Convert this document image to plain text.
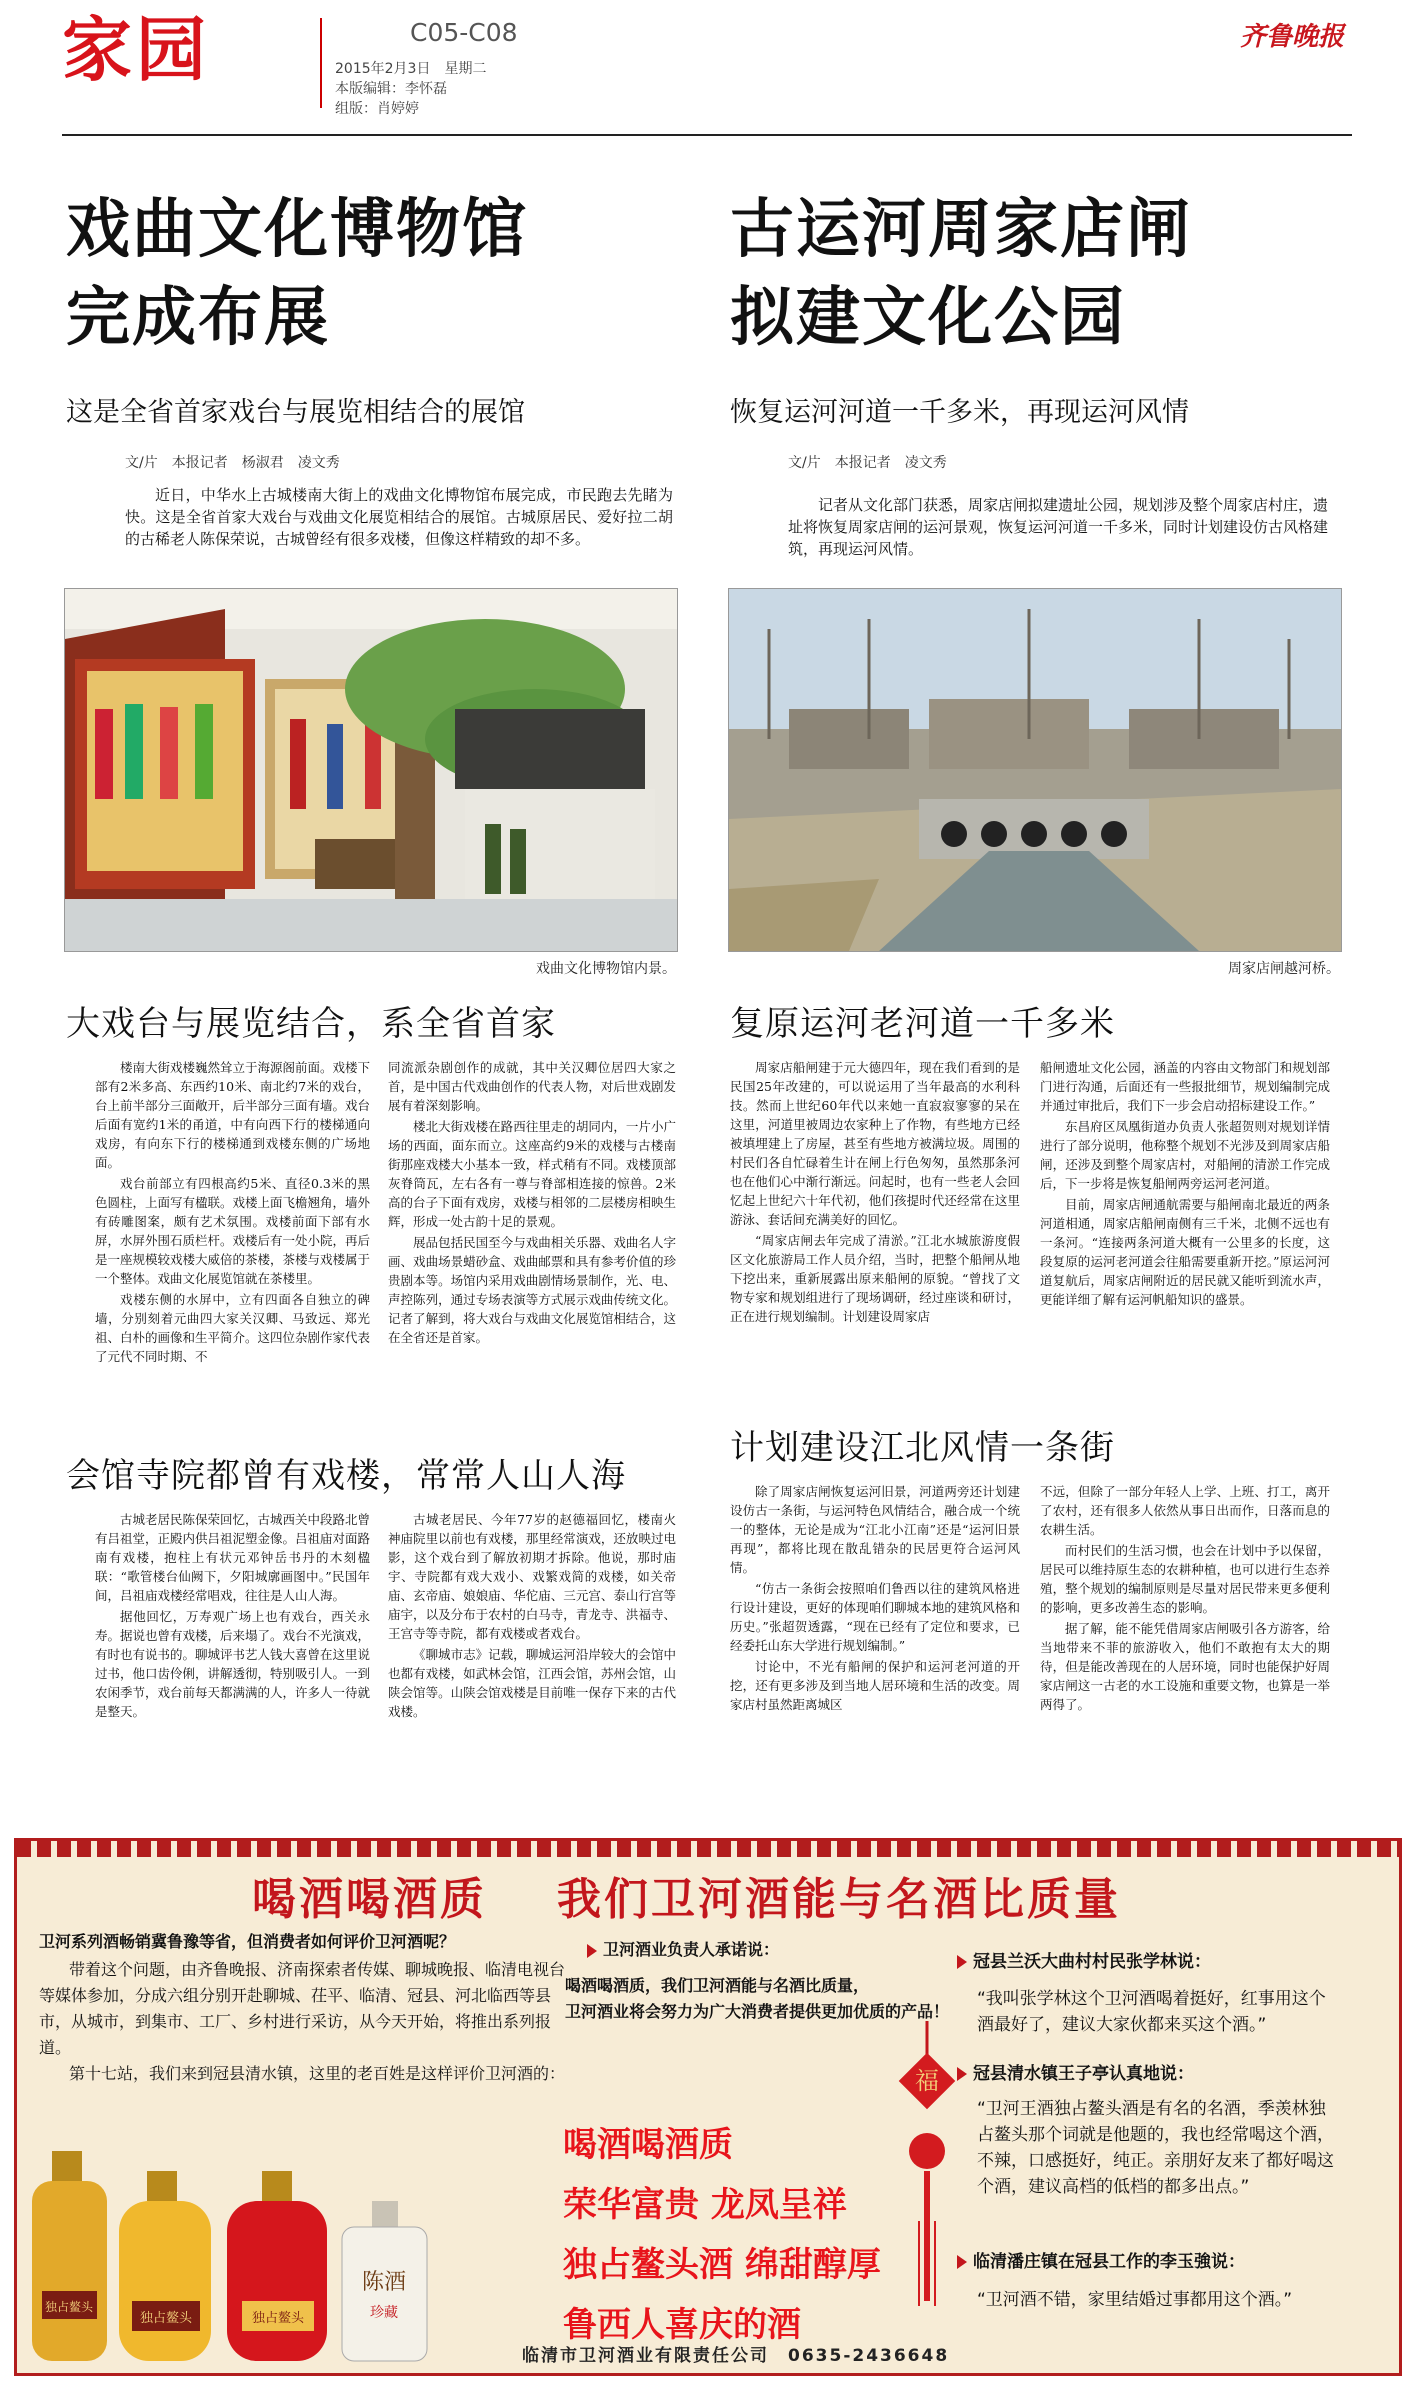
家园	C05-C08
2015年2月3日　星期二
本版编辑：李怀磊
组版：肖婷婷
齐鲁晚报
戏曲文化博物馆
完成布展
这是全省首家戏台与展览相结合的展馆
文/片　本报记者　杨淑君　凌文秀
近日，中华水上古城楼南大街上的戏曲文化博物馆布展完成，市民跑去先睹为快。这是全省首家大戏台与戏曲文化展览相结合的展馆。古城原居民、爱好拉二胡的古稀老人陈保荣说，古城曾经有很多戏楼，但像这样精致的却不多。
戏曲文化博物馆内景。
大戏台与展览结合，系全省首家

楼南大街戏楼巍然耸立于海源阁前面。戏楼下部有2米多高、东西约10米、南北约7米的戏台，台上前半部分三面敞开，后半部分三面有墙。戏台后面有宽约1米的甬道，中有向西下行的楼梯通向戏房，有向东下行的楼梯通到戏楼东侧的广场地面。

戏台前部立有四根高约5米、直径0.3米的黑色圆柱，上面写有楹联。戏楼上面飞檐翘角，墙外有砖雕图案，颇有艺术氛围。戏楼前面下部有水屏，水屏外围石质栏杆。戏楼后有一处小院，再后是一座规模较戏楼大威倍的茶楼，茶楼与戏楼属于一个整体。戏曲文化展览馆就在茶楼里。

戏楼东侧的水屏中，立有四面各自独立的碑墙，分别刻着元曲四大家关汉卿、马致远、郑光祖、白朴的画像和生平简介。这四位杂剧作家代表了元代不同时期、不

同流派杂剧创作的成就，其中关汉卿位居四大家之首，是中国古代戏曲创作的代表人物，对后世戏剧发展有着深刻影响。

楼北大街戏楼在路西往里走的胡同内，一片小广场的西面，面东而立。这座高约9米的戏楼与古楼南街那座戏楼大小基本一致，样式稍有不同。戏楼顶部灰脊筒瓦，左右各有一尊与脊部相连接的惊兽。2米高的台子下面有戏房，戏楼与相邻的二层楼房相映生辉，形成一处古韵十足的景观。

展品包括民国至今与戏曲相关乐器、戏曲名人字画、戏曲场景蜡砂盒、戏曲邮票和具有参考价值的珍贵剧本等。场馆内采用戏曲剧情场景制作，光、电、声控陈列，通过专场表演等方式展示戏曲传统文化。记者了解到，将大戏台与戏曲文化展览馆相结合，这在全省还是首家。

会馆寺院都曾有戏楼，常常人山人海

古城老居民陈保荣回忆，古城西关中段路北曾有吕祖堂，正殿内供吕祖泥塑金像。吕祖庙对面路南有戏楼，抱柱上有状元邓钟岳书丹的木刻楹联：“歌管楼台仙阙下，夕阳城廓画图中。”民国年间，吕祖庙戏楼经常唱戏，往往是人山人海。

据他回忆，万寿观广场上也有戏台，西关永寿。据说也曾有戏楼，后来塌了。戏台不光演戏，有时也有说书的。聊城评书艺人钱大喜曾在这里说过书，他口齿伶俐，讲解透彻，特别吸引人。一到农闲季节，戏台前每天都满满的人，许多人一待就是整天。

古城老居民、今年77岁的赵德福回忆，楼南火神庙院里以前也有戏楼，那里经常演戏，还放映过电影，这个戏台到了解放初期才拆除。他说，那时庙宇、寺院都有戏大戏小、戏繁戏简的戏楼，如关帝庙、玄帝庙、娘娘庙、华佗庙、三元宫、泰山行宫等庙宇，以及分布于农村的白马寺，青龙寺、洪福寺、王宫寺等寺院，都有戏楼或者戏台。

《聊城市志》记载，聊城运河沿岸较大的会馆中也都有戏楼，如武林会馆，江西会馆，苏州会馆，山陕会馆等。山陕会馆戏楼是目前唯一保存下来的古代戏楼。

古运河周家店闸
拟建文化公园
恢复运河河道一千多米，再现运河风情
文/片　本报记者　凌文秀
记者从文化部门获悉，周家店闸拟建遗址公园，规划涉及整个周家店村庄，遗址将恢复周家店闸的运河景观，恢复运河河道一千多米，同时计划建设仿古风格建筑，再现运河风情。
周家店闸越河桥。
复原运河老河道一千多米

周家店船闸建于元大德四年，现在我们看到的是民国25年改建的，可以说运用了当年最高的水利科技。然而上世纪60年代以来她一直寂寂寥寥的呆在这里，河道里被周边农家种上了作物，有些地方已经被填埋建上了房屋，甚至有些地方被满垃圾。周围的村民们各自忙碌着生计在闸上行色匆匆，虽然那条河也在他们心中渐行渐远。问起时，也有一些老人会回忆起上世纪六十年代初，他们孩提时代还经常在这里游泳、套话间充满美好的回忆。

“周家店闸去年完成了清淤。”江北水城旅游度假区文化旅游局工作人员介绍，当时，把整个船闸从地下挖出来，重新展露出原来船闸的原貌。“曾找了文物专家和规划组进行了现场调研，经过座谈和研讨，正在进行规划编制。计划建设周家店

船闸遗址文化公园，涵盖的内容由文物部门和规划部门进行沟通，后面还有一些报批细节，规划编制完成并通过审批后，我们下一步会启动招标建设工作。”

东昌府区凤凰街道办负责人张超贺则对规划详情进行了部分说明，他称整个规划不光涉及到周家店船闸，还涉及到整个周家店村，对船闸的清淤工作完成后，下一步将是恢复船闸两旁运河老河道。

目前，周家店闸通航需要与船闸南北最近的两条河道相通，周家店船闸南侧有三千米，北侧不远也有一条河。“连接两条河道大概有一公里多的长度，这段复原的运河老河道会往船需要重新开挖。”原运河河道复航后，周家店闸附近的居民就又能听到流水声，更能详细了解有运河帆船知识的盛景。

计划建设江北风情一条街

除了周家店闸恢复运河旧景，河道两旁还计划建设仿古一条街，与运河特色风情结合，融合成一个统一的整体，无论是成为“江北小江南”还是“运河旧景再现”，都将比现在散乱错杂的民居更符合运河风情。

“仿古一条街会按照咱们鲁西以往的建筑风格进行设计建设，更好的体现咱们聊城本地的建筑风格和历史。”张超贺透露，“现在已经有了定位和要求，已经委托山东大学进行规划编制。”

讨论中，不光有船闸的保护和运河老河道的开挖，还有更多涉及到当地人居环境和生活的改变。周家店村虽然距离城区

不远，但除了一部分年轻人上学、上班、打工，离开了农村，还有很多人依然从事日出而作，日落而息的农耕生活。

而村民们的生活习惯，也会在计划中予以保留，居民可以维持原生态的农耕种植，也可以进行生态养殖，整个规划的编制原则是尽量对居民带来更多便利的影响，更多改善生态的影响。

据了解，能不能凭借周家店闸吸引各方游客，给当地带来不菲的旅游收入，他们不敢抱有太大的期待，但是能改善现在的人居环境，同时也能保护好周家店闸这一古老的水工设施和重要文物，也算是一举两得了。

喝酒喝酒质 我们卫河酒能与名酒比质量
卫河系列酒畅销冀鲁豫等省，但消费者如何评价卫河酒呢？
带着这个问题，由齐鲁晚报、济南探索者传媒、聊城晚报、临清电视台等媒体参加，分成六组分别开赴聊城、茌平、临清、冠县、河北临西等县市，从城市，到集市、工厂、乡村进行采访，从今天开始，将推出系列报道。
第十七站，我们来到冠县清水镇，这里的老百姓是这样评价卫河酒的：
卫河酒业负责人承诺说：
喝酒喝酒质，我们卫河酒能与名酒比质量，
卫河酒业将会努力为广大消费者提供更加优质的产品！
喝酒喝酒质
荣华富贵 龙凤呈祥
独占鳌头酒 绵甜醇厚
鲁西人喜庆的酒
福
独占鳌头
独占鳌头	独占鳌头
陈酒
珍藏
冠县兰沃大曲村村民张学林说：
“我叫张学林这个卫河酒喝着挺好，红事用这个酒最好了，建议大家伙都来买这个酒。”
冠县清水镇王子亭认真地说：
“卫河王酒独占鳌头酒是有名的名酒，季羡林独占鳌头那个词就是他题的，我也经常喝这个酒，不辣，口感挺好，纯正。亲朋好友来了都好喝这个酒，建议高档的低档的都多出点。”
临清潘庄镇在冠县工作的李玉強说：
“卫河酒不错，家里结婚过事都用这个酒。”
临清市卫河酒业有限责任公司　0635-2436648
